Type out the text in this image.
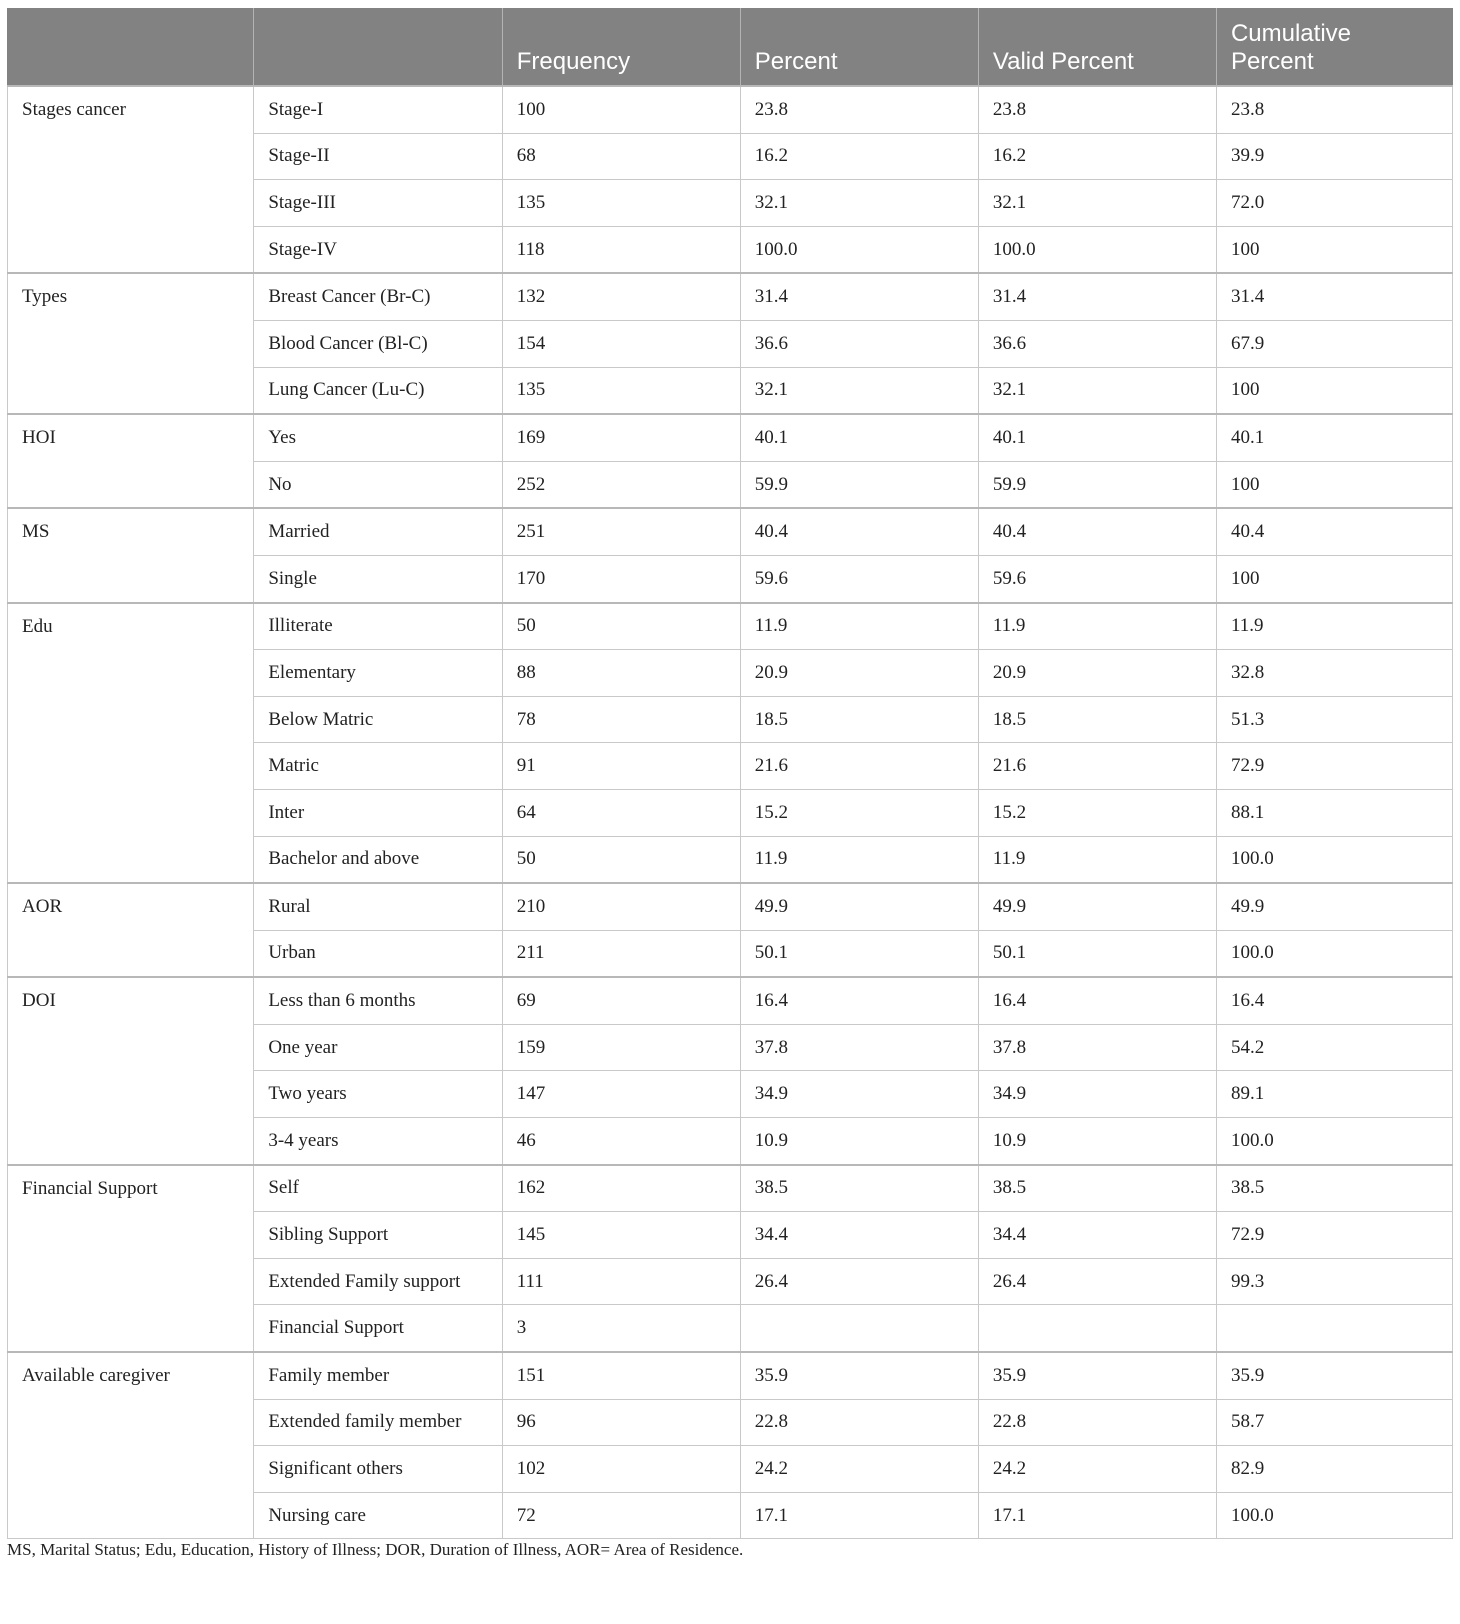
		Frequency	Percent	Valid Percent	Cumulative Percent
Stages cancer	Stage-I	100	23.8	23.8	23.8
	Stage-II	68	16.2	16.2	39.9
	Stage-III	135	32.1	32.1	72.0
	Stage-IV	118	100.0	100.0	100
Types	Breast Cancer (Br-C)	132	31.4	31.4	31.4
	Blood Cancer (Bl-C)	154	36.6	36.6	67.9
	Lung Cancer (Lu-C)	135	32.1	32.1	100
HOI	Yes	169	40.1	40.1	40.1
	No	252	59.9	59.9	100
MS	Married	251	40.4	40.4	40.4
	Single	170	59.6	59.6	100
Edu	Illiterate	50	11.9	11.9	11.9
	Elementary	88	20.9	20.9	32.8
	Below Matric	78	18.5	18.5	51.3
	Matric	91	21.6	21.6	72.9
	Inter	64	15.2	15.2	88.1
	Bachelor and above	50	11.9	11.9	100.0
AOR	Rural	210	49.9	49.9	49.9
	Urban	211	50.1	50.1	100.0
DOI	Less than 6 months	69	16.4	16.4	16.4
	One year	159	37.8	37.8	54.2
	Two years	147	34.9	34.9	89.1
	3-4 years	46	10.9	10.9	100.0
Financial Support	Self	162	38.5	38.5	38.5
	Sibling Support	145	34.4	34.4	72.9
	Extended Family support	111	26.4	26.4	99.3
	Financial Support	3			
Available caregiver	Family member	151	35.9	35.9	35.9
	Extended family member	96	22.8	22.8	58.7
	Significant others	102	24.2	24.2	82.9
	Nursing care	72	17.1	17.1	100.0
MS, Marital Status; Edu, Education, History of Illness; DOR, Duration of Illness, AOR= Area of Residence.
